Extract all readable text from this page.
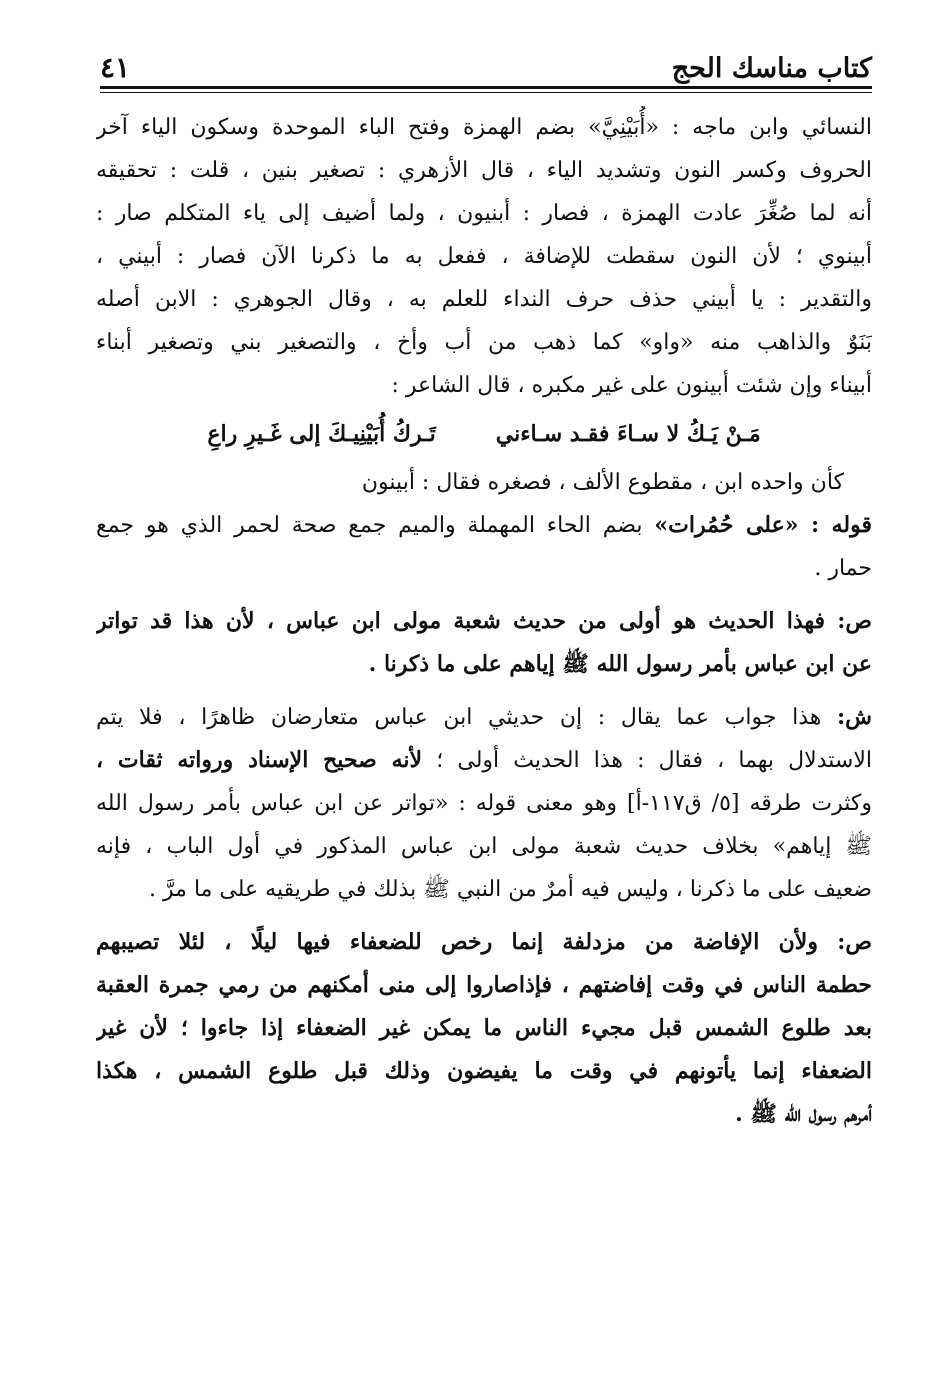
كتاب مناسك الحج
٤١
النسائي وابن ماجه : «أُبَيْنِيَّ» بضم الهمزة وفتح الباء الموحدة وسكون الياء آخر
الحروف وكسر النون وتشديد الياء ، قال الأزهري : تصغير بنين ، قلت : تحقيقه
أنه لما صُغِّرَ عادت الهمزة ، فصار : أبنيون ، ولما أضيف إلى ياء المتكلم صار :
أبينوي ؛ لأن النون سقطت للإضافة ، ففعل به ما ذكرنا الآن فصار : أبيني ،
والتقدير : يا أبيني حذف حرف النداء للعلم به ، وقال الجوهري : الابن أصله
بَنَوٌ والذاهب منه «واو» كما ذهب من أب وأخ ، والتصغير بني وتصغير أبناء
أبيناء وإن شئت أبينون على غير مكبره ، قال الشاعر :
مَـنْ يَـكُ لا سـاءَ فقـد سـاءني
تَـركُ أُبَيْنِيـكَ إلى غَـيرِ راعِ
كأن واحده ابن ، مقطوع الألف ، فصغره فقال : أبينون
قوله : «على حُمُرات» بضم الحاء المهملة والميم جمع صحة لحمر الذي هو جمع
حمار .
ص: فهذا الحديث هو أولى من حديث شعبة مولى ابن عباس ، لأن هذا قد تواتر
عن ابن عباس بأمر رسول الله ﷺ إياهم على ما ذكرنا .
ش: هذا جواب عما يقال : إن حديثي ابن عباس متعارضان ظاهرًا ، فلا يتم
الاستدلال بهما ، فقال : هذا الحديث أولى ؛ لأنه صحيح الإسناد ورواته ثقات ،
وكثرت طرقه [٥/ ق١١٧-أ] وهو معنى قوله : «تواتر عن ابن عباس بأمر رسول الله
ﷺ إياهم» بخلاف حديث شعبة مولى ابن عباس المذكور في أول الباب ، فإنه
ضعيف على ما ذكرنا ، وليس فيه أمرٌ من النبي ﷺ بذلك في طريقيه على ما مرَّ .
ص: ولأن الإفاضة من مزدلفة إنما رخص للضعفاء فيها ليلًا ، لئلا تصيبهم
حطمة الناس في وقت إفاضتهم ، فإذاصاروا إلى منى أمكنهم من رمي جمرة العقبة
بعد طلوع الشمس قبل مجيء الناس ما يمكن غير الضعفاء إذا جاءوا ؛ لأن غير
الضعفاء إنما يأتونهم في وقت ما يفيضون وذلك قبل طلوع الشمس ، هكذا
أمرهم رسول الله ﷺ .
